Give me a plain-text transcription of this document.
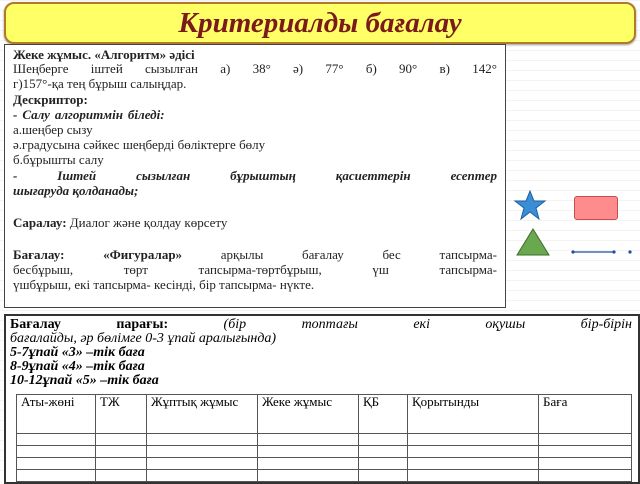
Критериалды бағалау
Жеке жұмыс. «Алгоритм» әдісі
Шеңберге іштей сызылған а) 38° ә) 77° б) 90° в) 142°
г)157°-қа тең бұрыш салыңдар.
Дескриптор:
- Салу алгоритмін біледі:
а.шеңбер сызу
ә.градусына сәйкес шеңберді бөліктерге бөлу
б.бұрышты салу
-	Іштей	сызылған	бұрыштың	қасиеттерін	есептер
шығаруда қолданады;
Саралау: Диалог және қолдау көрсету
Бағалау:	«Фигуралар»	арқылы	бағалау	бес	тапсырма-
бесбұрыш,	төрт	тапсырма-төртбұрыш,	үш	тапсырма-
үшбұрыш, екі тапсырма- кесінді, бір тапсырма- нүкте.
Бағалау	парағы:	(бір	топтағы	екі	оқушы	бір-бірін
бағалайды, әр бөлімге 0-3 ұпай аралығында)
5-7ұпай «3» –тік баға
8-9ұпай «4» –тік баға
10-12ұпай «5» –тік баға
Аты-жөні	ТЖ	Жұптық жұмыс	Жеке жұмыс	ҚБ	Қорытынды	Баға
